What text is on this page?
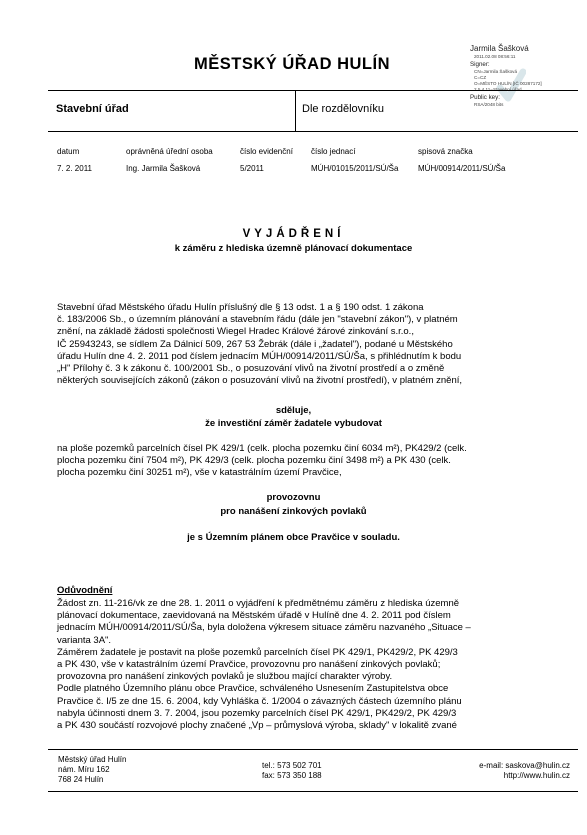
MĚSTSKÝ ÚŘAD HULÍN
Jarmila Šašková
2011.02.08 08:56:11
Signer:
CN=Jarmila Šašková
C=CZ
O=MĚSTO HULÍN [IČ 00287172]
2.5.4.11=Stavební úřad
Public key:
RSA/2048 bits
Stavební úřad	Dle rozdělovníku
datum
7. 2. 2011
oprávněná úřední osoba
Ing. Jarmila Šašková
číslo evidenční
5/2011
číslo jednací
MÚH/01015/2011/SÚ/Ša
spisová značka
MÚH/00914/2011/SÚ/Ša
VYJÁDŘENÍ
k záměru z hlediska územně plánovací dokumentace
Stavební úřad Městského úřadu Hulín příslušný dle § 13 odst. 1 a § 190 odst. 1 zákona
č. 183/2006 Sb., o územním plánování a stavebním řádu (dále jen "stavební zákon"), v platném
znění, na základě žádosti společnosti Wiegel Hradec Králové žárové zinkování s.r.o.,
IČ 25943243, se sídlem Za Dálnicí 509, 267 53 Žebrák (dále i „žadatel"), podané u Městského
úřadu Hulín dne 4. 2. 2011 pod číslem jednacím MÚH/00914/2011/SÚ/Ša, s přihlédnutím k bodu
„H" Přílohy č. 3 k zákonu č. 100/2001 Sb., o posuzování vlivů na životní prostředí a o změně
některých souvisejících zákonů (zákon o posuzování vlivů na životní prostředí), v platném znění,
sděluje,
že investiční záměr žadatele vybudovat
na ploše pozemků parcelních čísel PK 429/1 (celk. plocha pozemku činí 6034 m²), PK429/2 (celk.
plocha pozemku činí 7504 m²), PK 429/3 (celk. plocha pozemku činí 3498 m²) a PK 430 (celk.
plocha pozemku činí 30251 m²), vše v katastrálním území Pravčice,
provozovnu
pro nanášení zinkových povlaků
je s Územním plánem obce Pravčice v souladu.
Odůvodnění
Žádost zn. 11-216/vk ze dne 28. 1. 2011 o vyjádření k předmětnému záměru z hlediska územně
plánovací dokumentace, zaevidovaná na Městském úřadě v Hulíně dne 4. 2. 2011 pod číslem
jednacím MÚH/00914/2011/SÚ/Ša, byla doložena výkresem situace záměru nazvaného „Situace –
varianta 3A".
Záměrem žadatele je postavit na ploše pozemků parcelních čísel PK 429/1, PK429/2, PK 429/3
a PK 430, vše v katastrálním území Pravčice, provozovnu pro nanášení zinkových povlaků;
provozovna pro nanášení zinkových povlaků je službou mající charakter výroby.
Podle platného Územního plánu obce Pravčice, schváleného Usnesením Zastupitelstva obce
Pravčice č. I/5 ze dne 15. 6. 2004, kdy Vyhláška č. 1/2004 o závazných částech územního plánu
nabyla účinnosti dnem 3. 7. 2004, jsou pozemky parcelních čísel PK 429/1, PK429/2, PK 429/3
a PK 430 součástí rozvojové plochy značené „Vp – průmyslová výroba, sklady" v lokalitě zvané
Městský úřad Hulín
nám. Míru 162
768 24 Hulín
tel.: 573 502 701
fax: 573 350 188
e-mail: saskova@hulin.cz
http://www.hulin.cz
